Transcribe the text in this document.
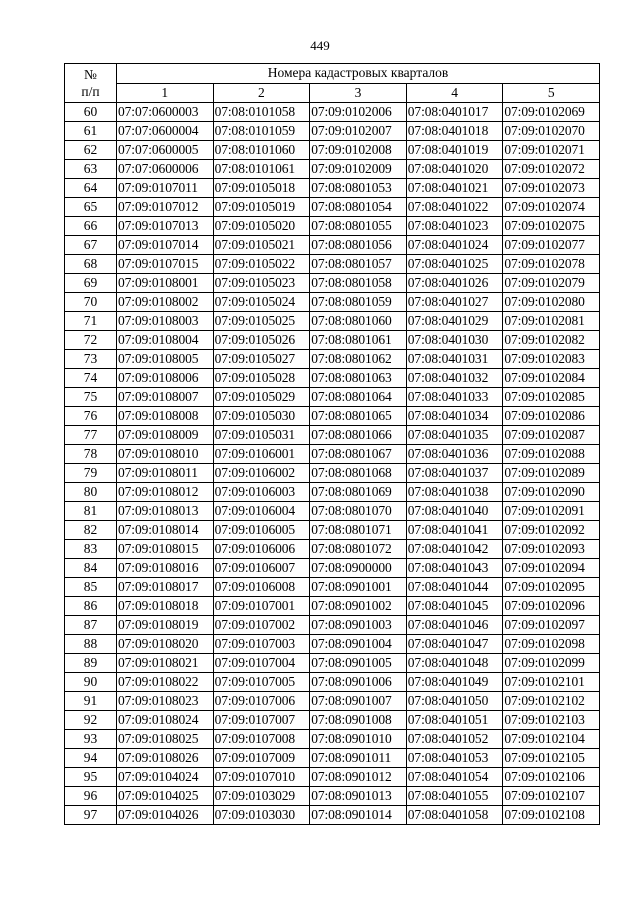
449
№
п/п	Номера кадастровых кварталов				
	1	2	3	4	5
60	07:07:0600003	07:08:0101058	07:09:0102006	07:08:0401017	07:09:0102069
61	07:07:0600004	07:08:0101059	07:09:0102007	07:08:0401018	07:09:0102070
62	07:07:0600005	07:08:0101060	07:09:0102008	07:08:0401019	07:09:0102071
63	07:07:0600006	07:08:0101061	07:09:0102009	07:08:0401020	07:09:0102072
64	07:09:0107011	07:09:0105018	07:08:0801053	07:08:0401021	07:09:0102073
65	07:09:0107012	07:09:0105019	07:08:0801054	07:08:0401022	07:09:0102074
66	07:09:0107013	07:09:0105020	07:08:0801055	07:08:0401023	07:09:0102075
67	07:09:0107014	07:09:0105021	07:08:0801056	07:08:0401024	07:09:0102077
68	07:09:0107015	07:09:0105022	07:08:0801057	07:08:0401025	07:09:0102078
69	07:09:0108001	07:09:0105023	07:08:0801058	07:08:0401026	07:09:0102079
70	07:09:0108002	07:09:0105024	07:08:0801059	07:08:0401027	07:09:0102080
71	07:09:0108003	07:09:0105025	07:08:0801060	07:08:0401029	07:09:0102081
72	07:09:0108004	07:09:0105026	07:08:0801061	07:08:0401030	07:09:0102082
73	07:09:0108005	07:09:0105027	07:08:0801062	07:08:0401031	07:09:0102083
74	07:09:0108006	07:09:0105028	07:08:0801063	07:08:0401032	07:09:0102084
75	07:09:0108007	07:09:0105029	07:08:0801064	07:08:0401033	07:09:0102085
76	07:09:0108008	07:09:0105030	07:08:0801065	07:08:0401034	07:09:0102086
77	07:09:0108009	07:09:0105031	07:08:0801066	07:08:0401035	07:09:0102087
78	07:09:0108010	07:09:0106001	07:08:0801067	07:08:0401036	07:09:0102088
79	07:09:0108011	07:09:0106002	07:08:0801068	07:08:0401037	07:09:0102089
80	07:09:0108012	07:09:0106003	07:08:0801069	07:08:0401038	07:09:0102090
81	07:09:0108013	07:09:0106004	07:08:0801070	07:08:0401040	07:09:0102091
82	07:09:0108014	07:09:0106005	07:08:0801071	07:08:0401041	07:09:0102092
83	07:09:0108015	07:09:0106006	07:08:0801072	07:08:0401042	07:09:0102093
84	07:09:0108016	07:09:0106007	07:08:0900000	07:08:0401043	07:09:0102094
85	07:09:0108017	07:09:0106008	07:08:0901001	07:08:0401044	07:09:0102095
86	07:09:0108018	07:09:0107001	07:08:0901002	07:08:0401045	07:09:0102096
87	07:09:0108019	07:09:0107002	07:08:0901003	07:08:0401046	07:09:0102097
88	07:09:0108020	07:09:0107003	07:08:0901004	07:08:0401047	07:09:0102098
89	07:09:0108021	07:09:0107004	07:08:0901005	07:08:0401048	07:09:0102099
90	07:09:0108022	07:09:0107005	07:08:0901006	07:08:0401049	07:09:0102101
91	07:09:0108023	07:09:0107006	07:08:0901007	07:08:0401050	07:09:0102102
92	07:09:0108024	07:09:0107007	07:08:0901008	07:08:0401051	07:09:0102103
93	07:09:0108025	07:09:0107008	07:08:0901010	07:08:0401052	07:09:0102104
94	07:09:0108026	07:09:0107009	07:08:0901011	07:08:0401053	07:09:0102105
95	07:09:0104024	07:09:0107010	07:08:0901012	07:08:0401054	07:09:0102106
96	07:09:0104025	07:09:0103029	07:08:0901013	07:08:0401055	07:09:0102107
97	07:09:0104026	07:09:0103030	07:08:0901014	07:08:0401058	07:09:0102108
